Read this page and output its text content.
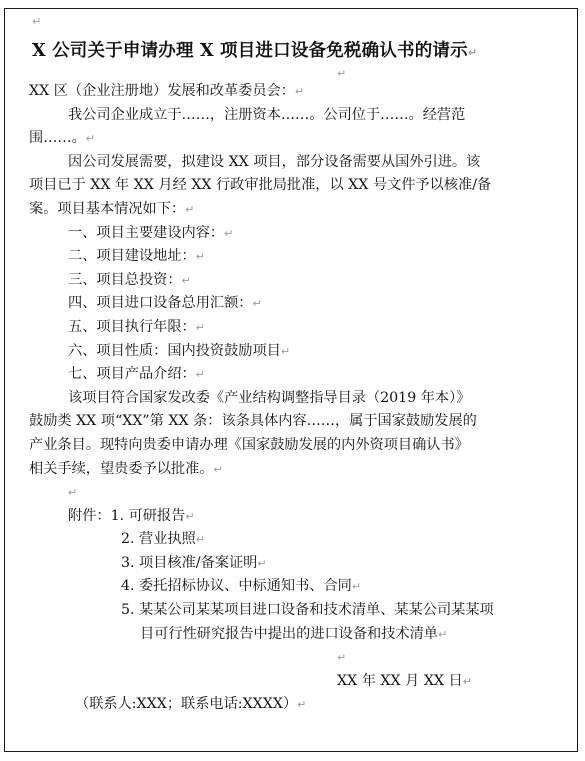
↵
X 公司关于申请办理 X 项目进口设备免税确认书的请示↵
↵
XX 区（企业注册地）发展和改革委员会：↵
我公司企业成立于……，注册资本……。公司位于……。经营范
围……。↵
因公司发展需要，拟建设 XX 项目，部分设备需要从国外引进。该
项目已于 XX 年 XX 月经 XX 行政审批局批准，以 XX 号文件予以核准/备
案。项目基本情况如下：↵
一、项目主要建设内容：↵
二、项目建设地址：↵
三、项目总投资：↵
四、项目进口设备总用汇额：↵
五、项目执行年限：↵
六、项目性质：国内投资鼓励项目↵
七、项目产品介绍：↵
该项目符合国家发改委《产业结构调整指导目录（2019 年本）》
鼓励类 XX 项“XX”第 XX 条：该条具体内容……，属于国家鼓励发展的
产业条目。现特向贵委申请办理《国家鼓励发展的内外资项目确认书》
相关手续，望贵委予以批准。↵
↵
附件：1. 可研报告↵
2. 营业执照↵
3. 项目核准/备案证明↵
4. 委托招标协议、中标通知书、合同↵
5. 某某公司某某项目进口设备和技术清单、某某公司某某项
目可行性研究报告中提出的进口设备和技术清单↵
↵
XX 年 XX 月 XX 日↵
（联系人:XXX；联系电话:XXXX）↵
